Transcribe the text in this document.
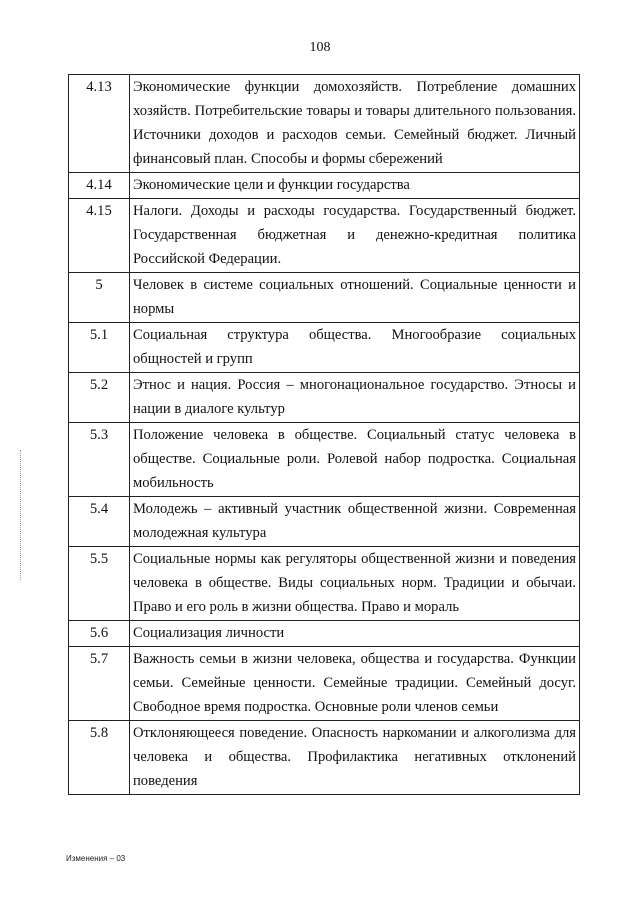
108
4.13	Экономические функции домохозяйств. Потребление домашних хозяйств. Потребительские товары и товары длительного пользования. Источники доходов и расходов семьи. Семейный бюджет. Личный финансовый план. Способы и формы сбережений
4.14	Экономические цели и функции государства
4.15	Налоги. Доходы и расходы государства. Государственный бюджет. Государственная бюджетная и денежно-кредитная политика Российской Федерации.
5	Человек в системе социальных отношений. Социальные ценности и нормы
5.1	Социальная структура общества. Многообразие социальных общностей и групп
5.2	Этнос и нация. Россия – многонациональное государство. Этносы и нации в диалоге культур
5.3	Положение человека в обществе. Социальный статус человека в обществе. Социальные роли. Ролевой набор подростка. Социальная мобильность
5.4	Молодежь – активный участник общественной жизни. Современная молодежная культура
5.5	Социальные нормы как регуляторы общественной жизни и поведения человека в обществе. Виды социальных норм. Традиции и обычаи. Право и его роль в жизни общества. Право и мораль
5.6	Социализация личности
5.7	Важность семьи в жизни человека, общества и государства. Функции семьи. Семейные ценности. Семейные традиции. Семейный досуг. Свободное время подростка. Основные роли членов семьи
5.8	Отклоняющееся поведение. Опасность наркомании и алкоголизма для человека и общества. Профилактика негативных отклонений поведения
Изменения – 03
